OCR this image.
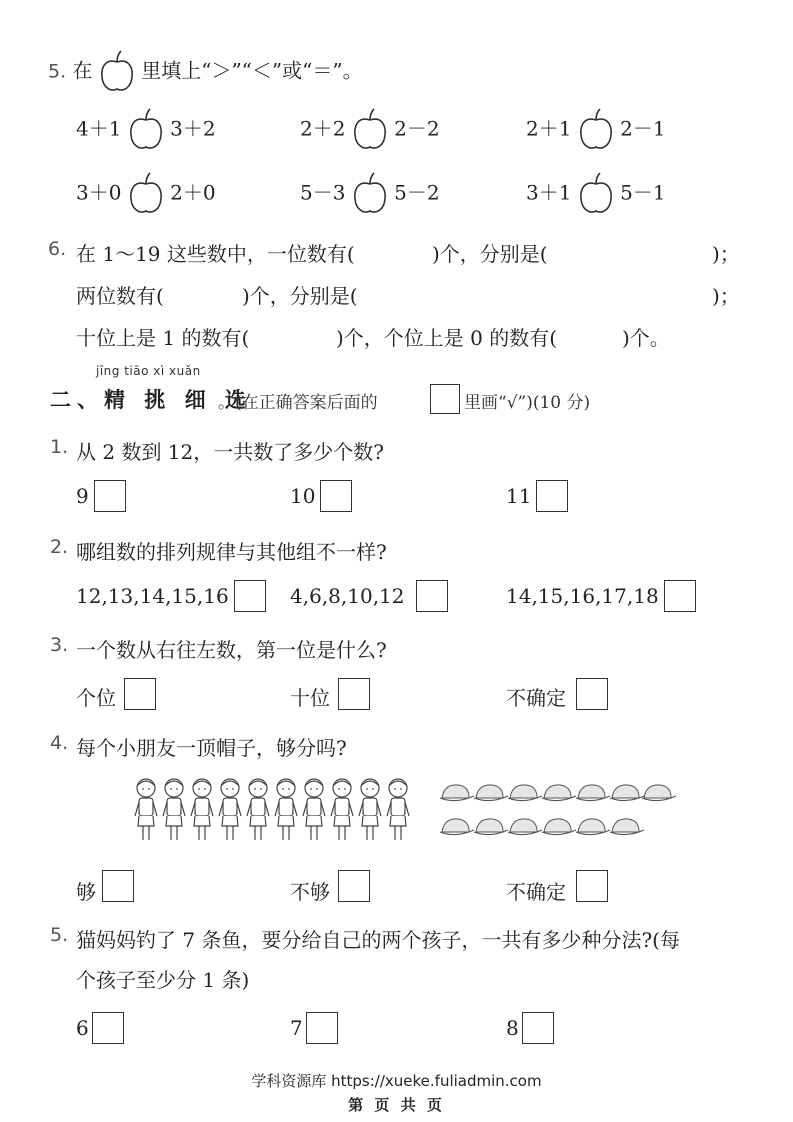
5. 在 里填上“＞”“＜”或“＝”。
4＋1 3＋2	2＋2 2－2	2＋1 2－1
3＋0 2＋0	5－3 5－2	3＋1 5－1
6. 在 1～19 这些数中，一位数有(	)个，分别是(	)；
两位数有(	)个，分别是(	)；
十位上是 1 的数有(	)个，个位上是 0 的数有(	)个。
jīng tiāo xì xuǎn
二、精 挑 细 选
。(在正确答案后面的	里画“√”)(10 分)
1. 从 2 数到 12，一共数了多少个数?
9	10	11
2. 哪组数的排列规律与其他组不一样?
12,13,14,15,16	4,6,8,10,12	14,15,16,17,18
3. 一个数从右往左数，第一位是什么?
个位	十位	不确定
4. 每个小朋友一顶帽子，够分吗?
够	不够	不确定
5. 猫妈妈钓了 7 条鱼，要分给自己的两个孩子，一共有多少种分法?(每
个孩子至少分 1 条)
6	7	8
学科资源库 https://xueke.fuliadmin.com
第 页 共 页
